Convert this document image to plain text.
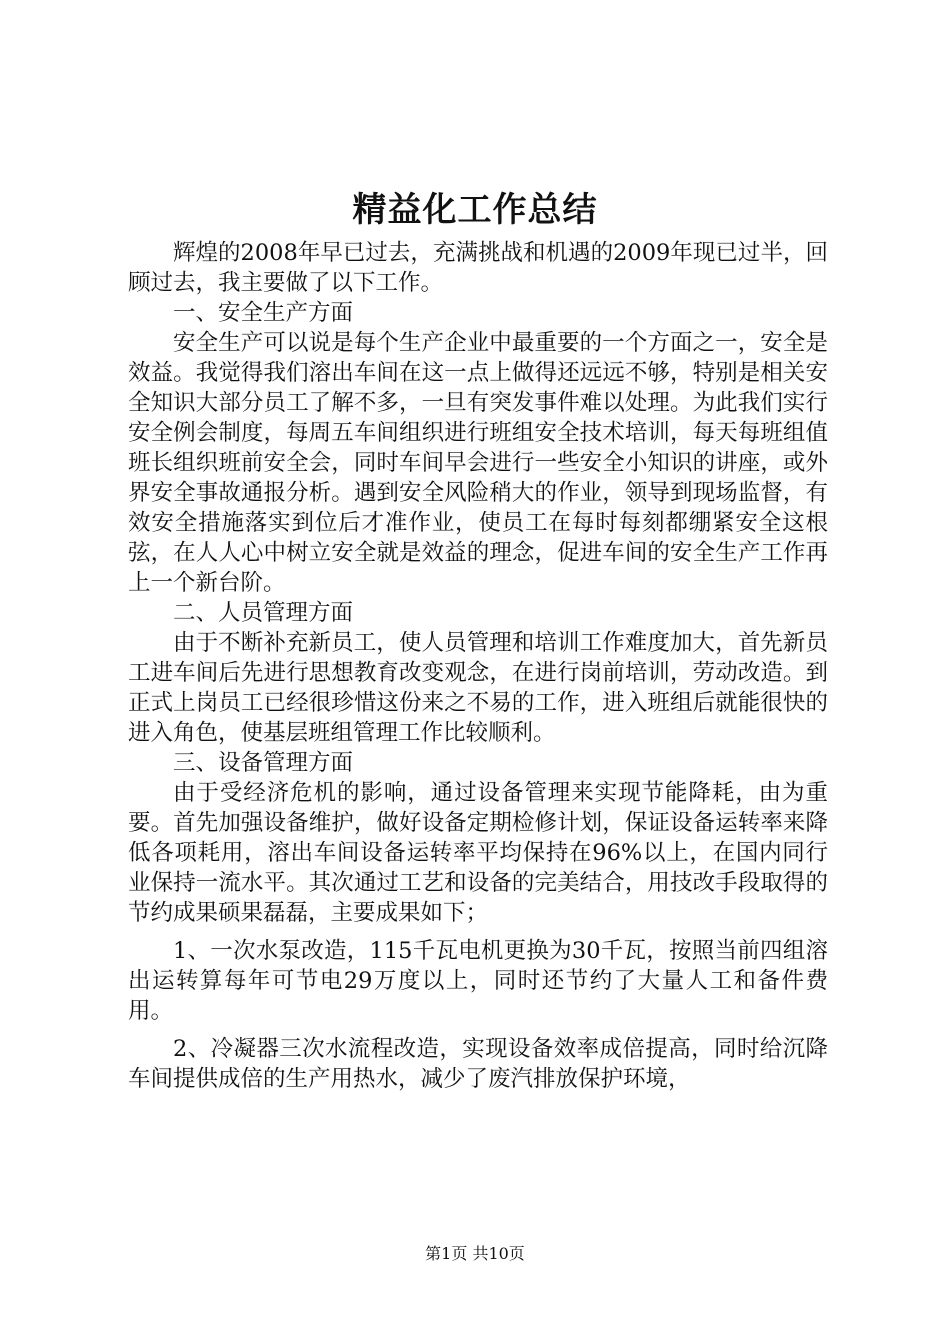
精益化工作总结

辉煌的2008年早已过去，充满挑战和机遇的2009年现已过半，回顾过去，我主要做了以下工作。

一、安全生产方面

安全生产可以说是每个生产企业中最重要的一个方面之一，安全是效益。我觉得我们溶出车间在这一点上做得还远远不够，特别是相关安全知识大部分员工了解不多，一旦有突发事件难以处理。为此我们实行安全例会制度，每周五车间组织进行班组安全技术培训，每天每班组值班长组织班前安全会，同时车间早会进行一些安全小知识的讲座，或外界安全事故通报分析。遇到安全风险稍大的作业，领导到现场监督，有效安全措施落实到位后才准作业，使员工在每时每刻都绷紧安全这根弦，在人人心中树立安全就是效益的理念，促进车间的安全生产工作再上一个新台阶。

二、人员管理方面

由于不断补充新员工，使人员管理和培训工作难度加大，首先新员工进车间后先进行思想教育改变观念，在进行岗前培训，劳动改造。到正式上岗员工已经很珍惜这份来之不易的工作，进入班组后就能很快的进入角色，使基层班组管理工作比较顺利。

三、设备管理方面

由于受经济危机的影响，通过设备管理来实现节能降耗，由为重要。首先加强设备维护，做好设备定期检修计划，保证设备运转率来降低各项耗用，溶出车间设备运转率平均保持在96%以上，在国内同行业保持一流水平。其次通过工艺和设备的完美结合，用技改手段取得的节约成果硕果磊磊，主要成果如下；

1、一次水泵改造，115千瓦电机更换为30千瓦，按照当前四组溶出运转算每年可节电29万度以上，同时还节约了大量人工和备件费用。

2、冷凝器三次水流程改造，实现设备效率成倍提高，同时给沉降车间提供成倍的生产用热水，减少了废汽排放保护环境，

第1页 共10页
